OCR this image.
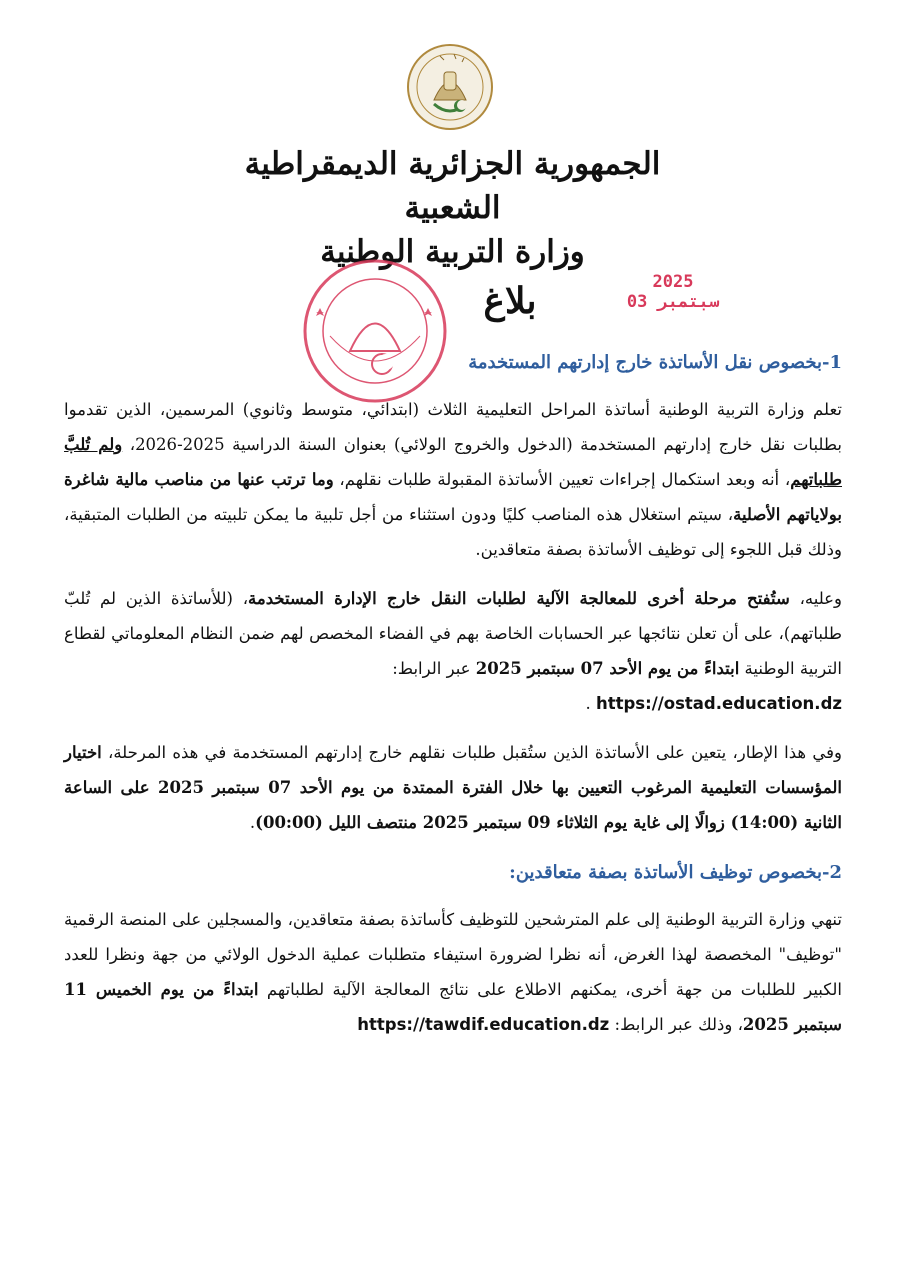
الجمهورية الجزائرية الديمقراطية الشعبية

وزارة التربية الوطنية

2025 سبتمبر 03
بلاغ
1-بخصوص نقل الأساتذة خارج إدارتهم المستخدمة

تعلم وزارة التربية الوطنية أساتذة المراحل التعليمية الثلاث (ابتدائي، متوسط وثانوي) المرسمين، الذين تقدموا بطلبات نقل خارج إدارتهم المستخدمة (الدخول والخروج الولائي) بعنوان السنة الدراسية 2025-2026، ولم تُلبَّ طلباتهم، أنه وبعد استكمال إجراءات تعيين الأساتذة المقبولة طلبات نقلهم، وما ترتب عنها من مناصب مالية شاغرة بولاياتهم الأصلية، سيتم استغلال هذه المناصب كليًا ودون استثناء من أجل تلبية ما يمكن تلبيته من الطلبات المتبقية، وذلك قبل اللجوء إلى توظيف الأساتذة بصفة متعاقدين.

وعليه، ستُفتح مرحلة أخرى للمعالجة الآلية لطلبات النقل خارج الإدارة المستخدمة، (للأساتذة الذين لم تُلبّ طلباتهم)، على أن تعلن نتائجها عبر الحسابات الخاصة بهم في الفضاء المخصص لهم ضمن النظام المعلوماتي لقطاع التربية الوطنية ابتداءً من يوم الأحد 07 سبتمبر 2025 عبر الرابط:
https://ostad.education.dz .

وفي هذا الإطار، يتعين على الأساتذة الذين ستُقبل طلبات نقلهم خارج إدارتهم المستخدمة في هذه المرحلة، اختيار المؤسسات التعليمية المرغوب التعيين بها خلال الفترة الممتدة من يوم الأحد 07 سبتمبر 2025 على الساعة الثانية (14:00) زوالًا إلى غاية يوم الثلاثاء 09 سبتمبر 2025 منتصف الليل (00:00).

2-بخصوص توظيف الأساتذة بصفة متعاقدين:

تنهي وزارة التربية الوطنية إلى علم المترشحين للتوظيف كأساتذة بصفة متعاقدين، والمسجلين على المنصة الرقمية "توظيف" المخصصة لهذا الغرض، أنه نظرا لضرورة استيفاء متطلبات عملية الدخول الولائي من جهة ونظرا للعدد الكبير للطلبات من جهة أخرى، يمكنهم الاطلاع على نتائج المعالجة الآلية لطلباتهم ابتداءً من يوم الخميس 11 سبتمبر 2025، وذلك عبر الرابط: https://tawdif.education.dz
